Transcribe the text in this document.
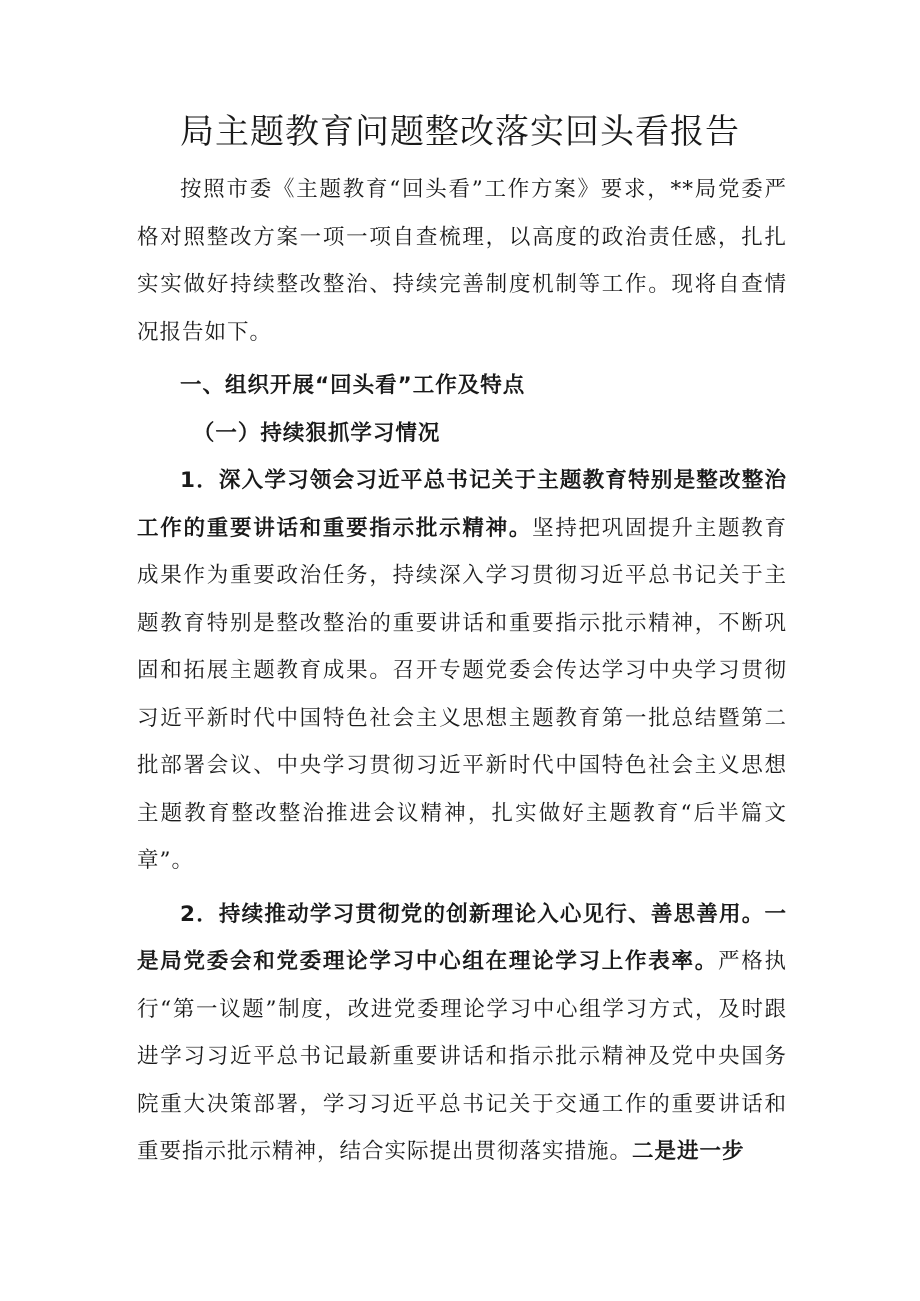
局主题教育问题整改落实回头看报告

按照市委《主题教育“回头看”工作方案》要求，**局党委严格对照整改方案一项一项自查梳理，以高度的政治责任感，扎扎实实做好持续整改整治、持续完善制度机制等工作。现将自查情况报告如下。

一、组织开展“回头看”工作及特点

（一）持续狠抓学习情况

1．深入学习领会习近平总书记关于主题教育特别是整改整治工作的重要讲话和重要指示批示精神。坚持把巩固提升主题教育成果作为重要政治任务，持续深入学习贯彻习近平总书记关于主题教育特别是整改整治的重要讲话和重要指示批示精神，不断巩固和拓展主题教育成果。召开专题党委会传达学习中央学习贯彻习近平新时代中国特色社会主义思想主题教育第一批总结暨第二批部署会议、中央学习贯彻习近平新时代中国特色社会主义思想主题教育整改整治推进会议精神，扎实做好主题教育“后半篇文章”。

2．持续推动学习贯彻党的创新理论入心见行、善思善用。一是局党委会和党委理论学习中心组在理论学习上作表率。严格执行“第一议题”制度，改进党委理论学习中心组学习方式，及时跟进学习习近平总书记最新重要讲话和指示批示精神及党中央国务院重大决策部署，学习习近平总书记关于交通工作的重要讲话和重要指示批示精神，结合实际提出贯彻落实措施。二是进一步
